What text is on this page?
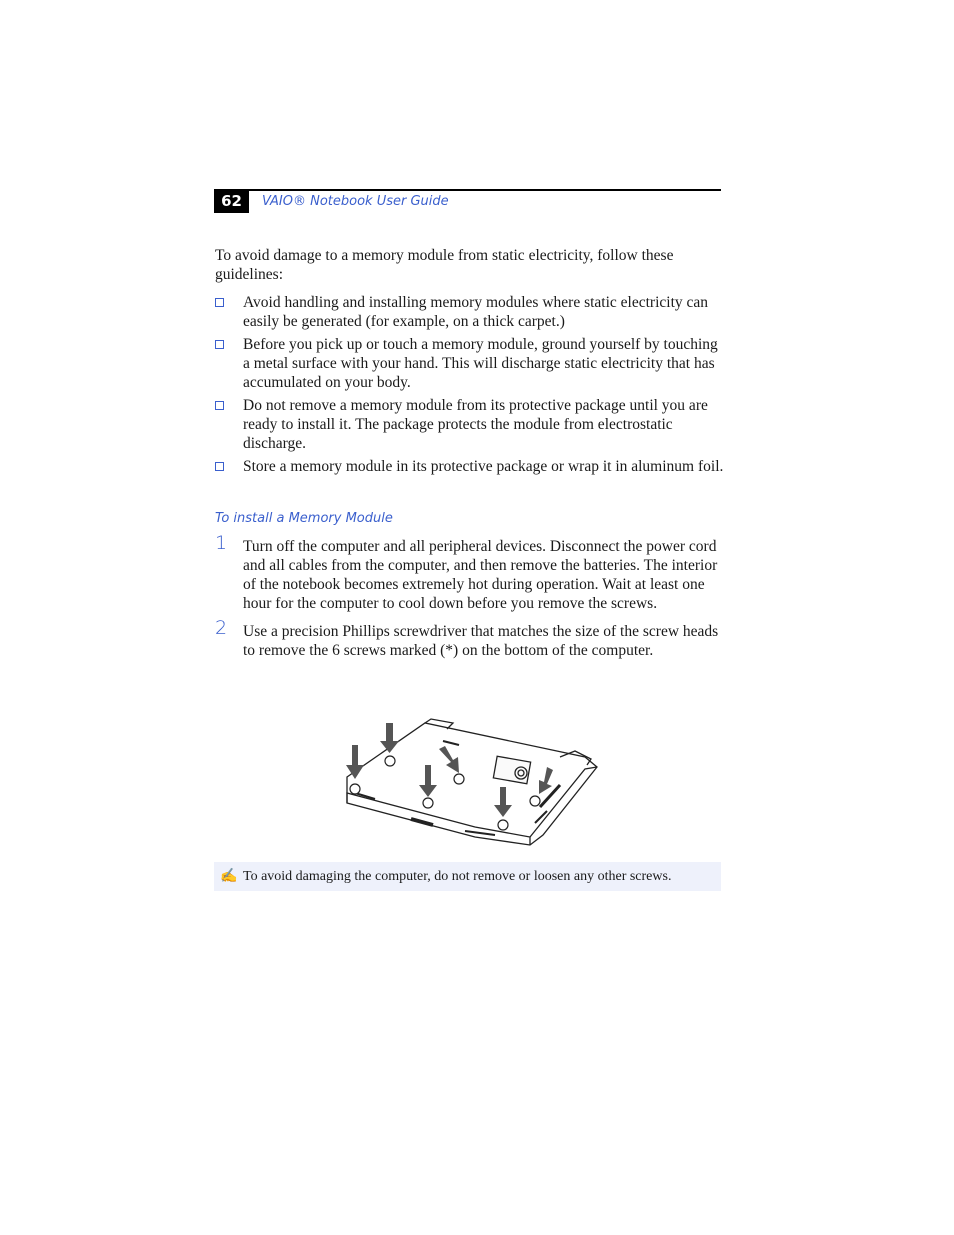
62	VAIO® Notebook User Guide
To avoid damage to a memory module from static electricity, follow these guidelines:
Avoid handling and installing memory modules where static electricity can easily be generated (for example, on a thick carpet.)
Before you pick up or touch a memory module, ground yourself by touching a metal surface with your hand. This will discharge static electricity that has accumulated on your body.
Do not remove a memory module from its protective package until you are ready to install it. The package protects the module from electrostatic discharge.
Store a memory module in its protective package or wrap it in aluminum foil.
To install a Memory Module
1 Turn off the computer and all peripheral devices. Disconnect the power cord and all cables from the computer, and then remove the batteries. The interior of the notebook becomes extremely hot during operation. Wait at least one hour for the computer to cool down before you remove the screws.
2 Use a precision Phillips screwdriver that matches the size of the screw heads to remove the 6 screws marked (*) on the bottom of the computer.
✍ To avoid damaging the computer, do not remove or loosen any other screws.
